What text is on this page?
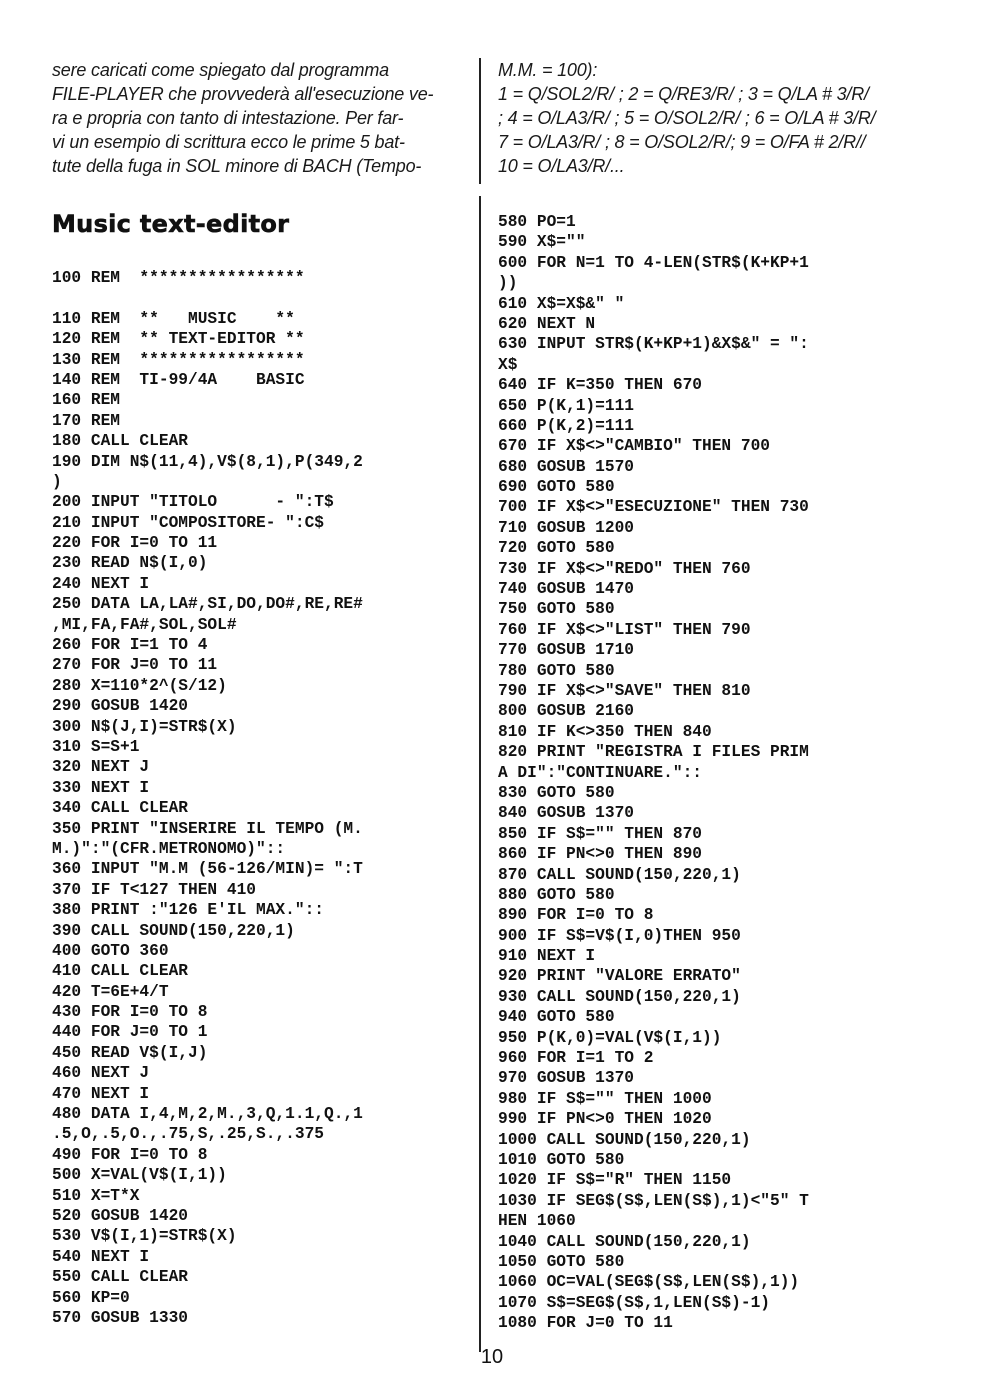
sere caricati come spiegato dal programma
FILE-PLAYER che provvederà all'esecuzione ve-
ra e propria con tanto di intestazione. Per far-
vi un esempio di scrittura ecco le prime 5 bat-
tute della fuga in SOL minore di BACH (Tempo-
M.M. = 100):
1 = Q/SOL2/R/ ; 2 = Q/RE3/R/ ; 3 = Q/LA # 3/R/
; 4 = O/LA3/R/ ; 5 = O/SOL2/R/ ; 6 = O/LA # 3/R/
7 = O/LA3/R/ ; 8 = O/SOL2/R/; 9 = O/FA # 2/R//
10 = O/LA3/R/...
Music text-editor
100 REM  *****************
110 REM  **   MUSIC    **
120 REM  ** TEXT-EDITOR **
130 REM  *****************
140 REM  TI-99/4A    BASIC
160 REM
170 REM
180 CALL CLEAR
190 DIM N$(11,4),V$(8,1),P(349,2
)
200 INPUT "TITOLO      - ":T$
210 INPUT "COMPOSITORE- ":C$
220 FOR I=0 TO 11
230 READ N$(I,0)
240 NEXT I
250 DATA LA,LA#,SI,DO,DO#,RE,RE#
,MI,FA,FA#,SOL,SOL#
260 FOR I=1 TO 4
270 FOR J=0 TO 11
280 X=110*2^(S/12)
290 GOSUB 1420
300 N$(J,I)=STR$(X)
310 S=S+1
320 NEXT J
330 NEXT I
340 CALL CLEAR
350 PRINT "INSERIRE IL TEMPO (M.
M.)":"(CFR.METRONOMO)"::
360 INPUT "M.M (56-126/MIN)= ":T
370 IF T<127 THEN 410
380 PRINT :"126 E'IL MAX."::
390 CALL SOUND(150,220,1)
400 GOTO 360
410 CALL CLEAR
420 T=6E+4/T
430 FOR I=0 TO 8
440 FOR J=0 TO 1
450 READ V$(I,J)
460 NEXT J
470 NEXT I
480 DATA I,4,M,2,M.,3,Q,1.1,Q.,1
.5,O,.5,O.,.75,S,.25,S.,.375
490 FOR I=0 TO 8
500 X=VAL(V$(I,1))
510 X=T*X
520 GOSUB 1420
530 V$(I,1)=STR$(X)
540 NEXT I
550 CALL CLEAR
560 KP=0
570 GOSUB 1330
580 PO=1
590 X$=""
600 FOR N=1 TO 4-LEN(STR$(K+KP+1
))
610 X$=X$&" "
620 NEXT N
630 INPUT STR$(K+KP+1)&X$&" = ":
X$
640 IF K=350 THEN 670
650 P(K,1)=111
660 P(K,2)=111
670 IF X$<>"CAMBIO" THEN 700
680 GOSUB 1570
690 GOTO 580
700 IF X$<>"ESECUZIONE" THEN 730
710 GOSUB 1200
720 GOTO 580
730 IF X$<>"REDO" THEN 760
740 GOSUB 1470
750 GOTO 580
760 IF X$<>"LIST" THEN 790
770 GOSUB 1710
780 GOTO 580
790 IF X$<>"SAVE" THEN 810
800 GOSUB 2160
810 IF K<>350 THEN 840
820 PRINT "REGISTRA I FILES PRIM
A DI":"CONTINUARE."::
830 GOTO 580
840 GOSUB 1370
850 IF S$="" THEN 870
860 IF PN<>0 THEN 890
870 CALL SOUND(150,220,1)
880 GOTO 580
890 FOR I=0 TO 8
900 IF S$=V$(I,0)THEN 950
910 NEXT I
920 PRINT "VALORE ERRATO"
930 CALL SOUND(150,220,1)
940 GOTO 580
950 P(K,0)=VAL(V$(I,1))
960 FOR I=1 TO 2
970 GOSUB 1370
980 IF S$="" THEN 1000
990 IF PN<>0 THEN 1020
1000 CALL SOUND(150,220,1)
1010 GOTO 580
1020 IF S$="R" THEN 1150
1030 IF SEG$(S$,LEN(S$),1)<"5" T
HEN 1060
1040 CALL SOUND(150,220,1)
1050 GOTO 580
1060 OC=VAL(SEG$(S$,LEN(S$),1))
1070 S$=SEG$(S$,1,LEN(S$)-1)
1080 FOR J=0 TO 11
10
